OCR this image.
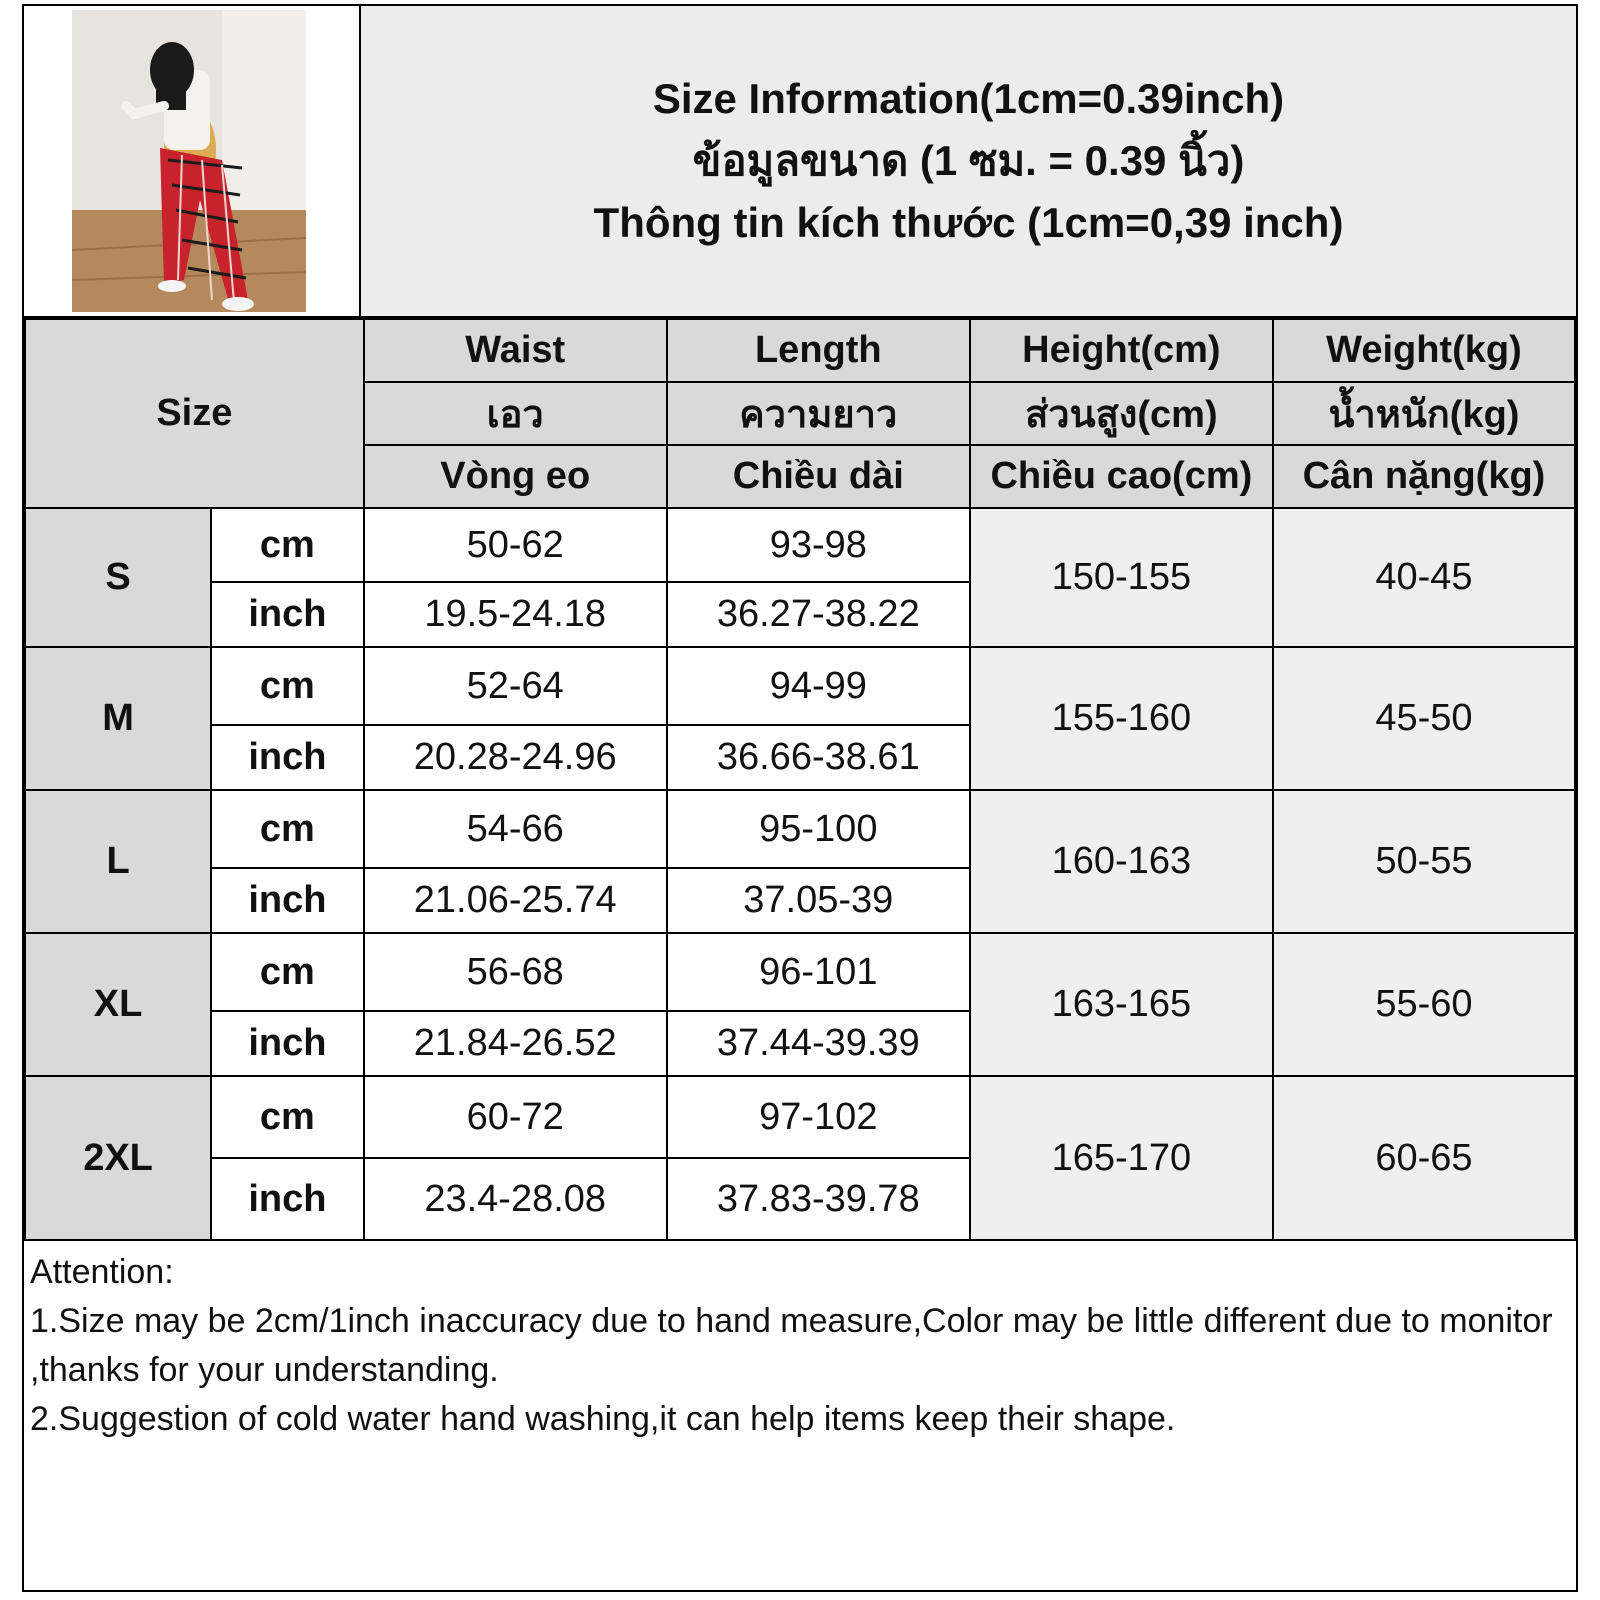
Size Information(1cm=0.39inch)
ข้อมูลขนาด (1 ซม. = 0.39 นิ้ว)
Thông tin kích thước (1cm=0,39 inch)
Size		Waist	Length	Height(cm)	Weight(kg)
		เอว	ความยาว	ส่วนสูง(cm)	น้ำหนัก(kg)
		Vòng eo	Chiều dài	Chiều cao(cm)	Cân nặng(kg)
S	cm	50-62	93-98	150-155	40-45
	inch	19.5-24.18	36.27-38.22		
M	cm	52-64	94-99	155-160	45-50
	inch	20.28-24.96	36.66-38.61		
L	cm	54-66	95-100	160-163	50-55
	inch	21.06-25.74	37.05-39		
XL	cm	56-68	96-101	163-165	55-60
	inch	21.84-26.52	37.44-39.39		
2XL	cm	60-72	97-102	165-170	60-65
	inch	23.4-28.08	37.83-39.78		
Attention:
1.Size may be 2cm/1inch inaccuracy due to hand measure,Color may be little different due to monitor ,thanks for your understanding.
2.Suggestion of cold water hand washing,it can help items keep their shape.
